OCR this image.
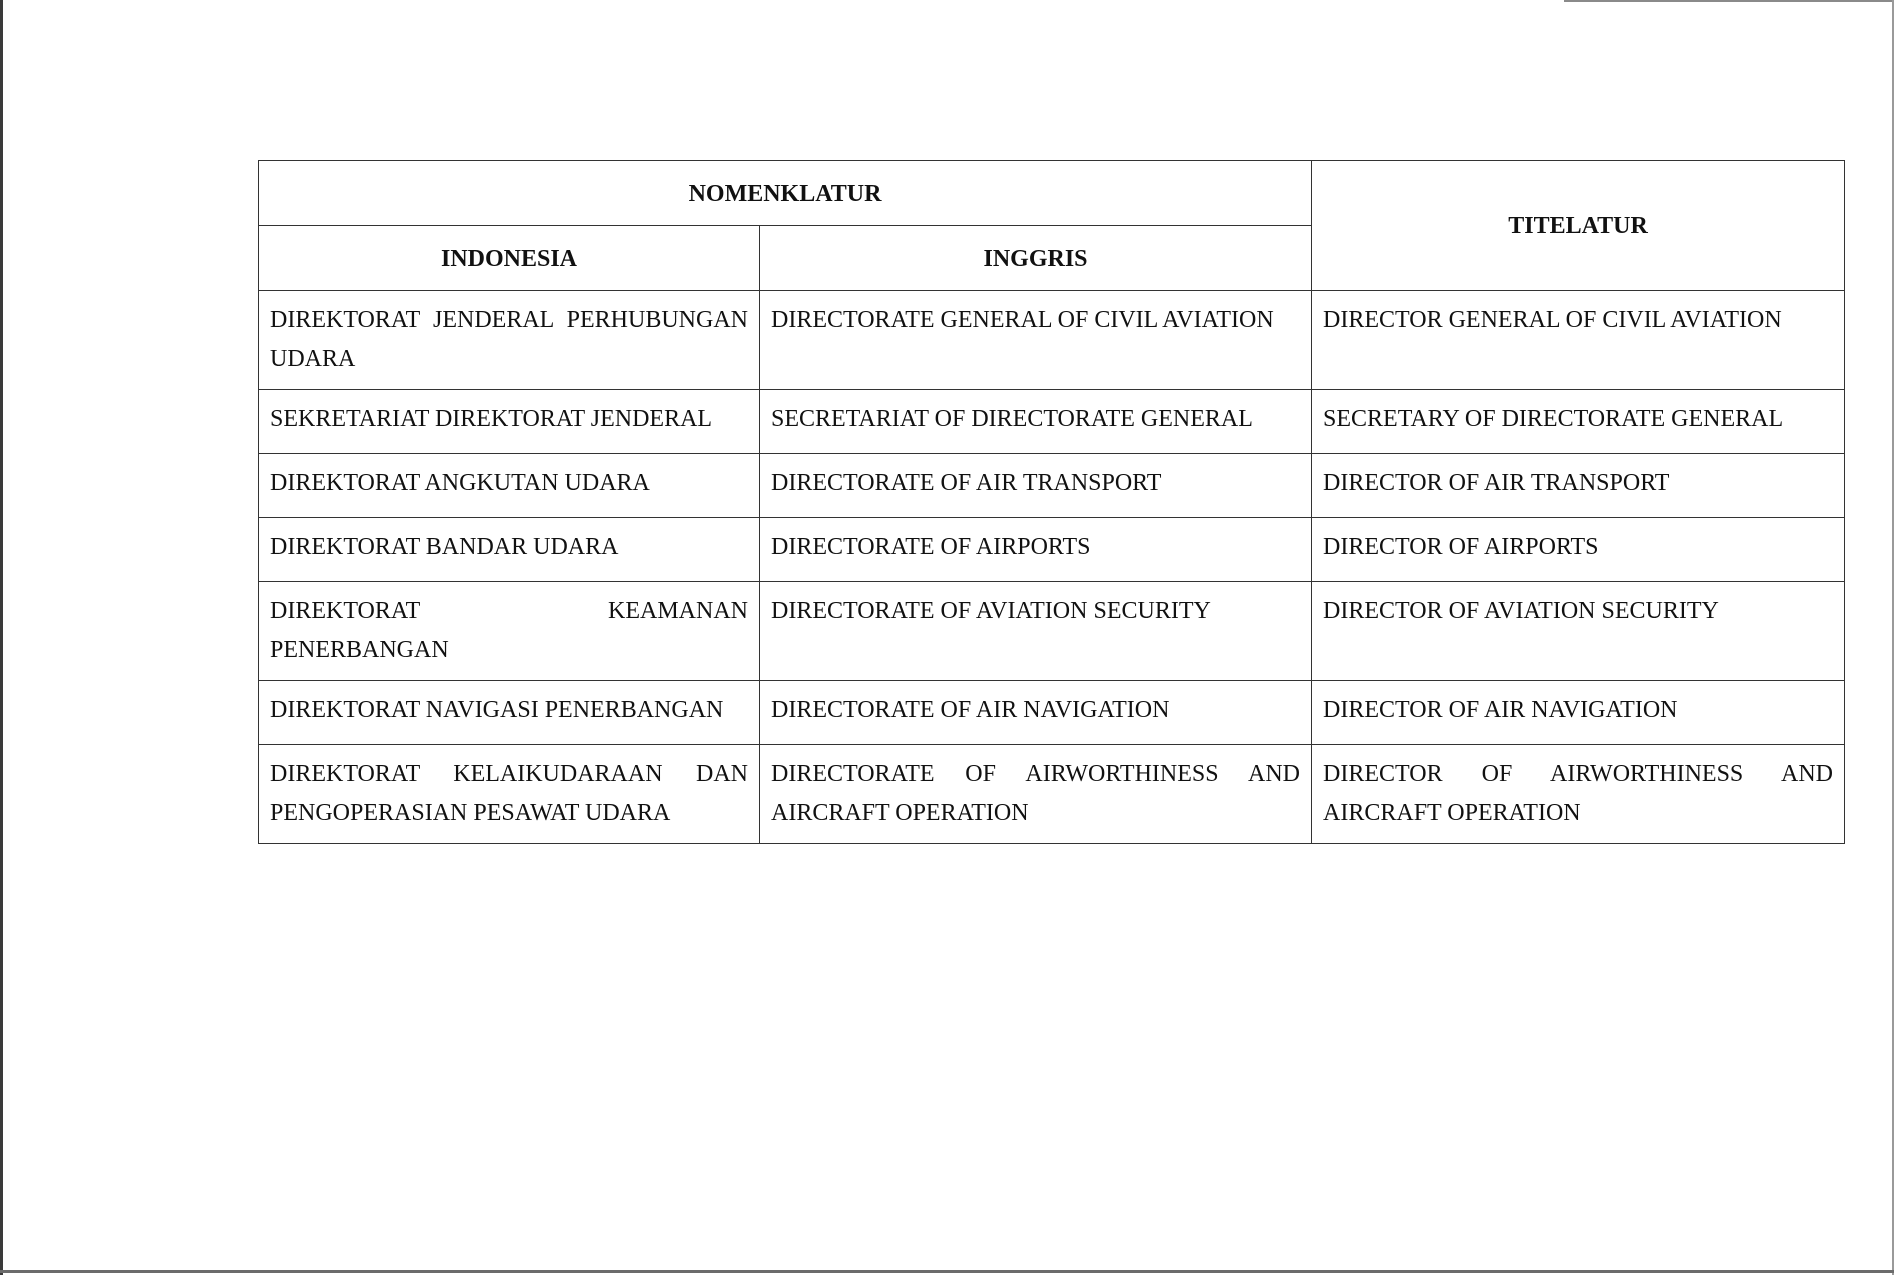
NOMENKLATUR		TITELATUR
INDONESIA	INGGRIS	
DIREKTORAT JENDERAL PERHUBUNGAN UDARA	DIRECTORATE GENERAL OF CIVIL AVIATION	DIRECTOR GENERAL OF CIVIL AVIATION
SEKRETARIAT DIREKTORAT JENDERAL	SECRETARIAT OF DIRECTORATE GENERAL	SECRETARY OF DIRECTORATE GENERAL
DIREKTORAT ANGKUTAN UDARA	DIRECTORATE OF AIR TRANSPORT	DIRECTOR OF AIR TRANSPORT
DIREKTORAT BANDAR UDARA	DIRECTORATE OF AIRPORTS	DIRECTOR OF AIRPORTS
DIREKTORAT KEAMANAN PENERBANGAN	DIRECTORATE OF AVIATION SECURITY	DIRECTOR OF AVIATION SECURITY
DIREKTORAT NAVIGASI PENERBANGAN	DIRECTORATE OF AIR NAVIGATION	DIRECTOR OF AIR NAVIGATION
DIREKTORAT KELAIKUDARAAN DAN PENGOPERASIAN PESAWAT UDARA	DIRECTORATE OF AIRWORTHINESS AND AIRCRAFT OPERATION	DIRECTOR OF AIRWORTHINESS AND AIRCRAFT OPERATION
